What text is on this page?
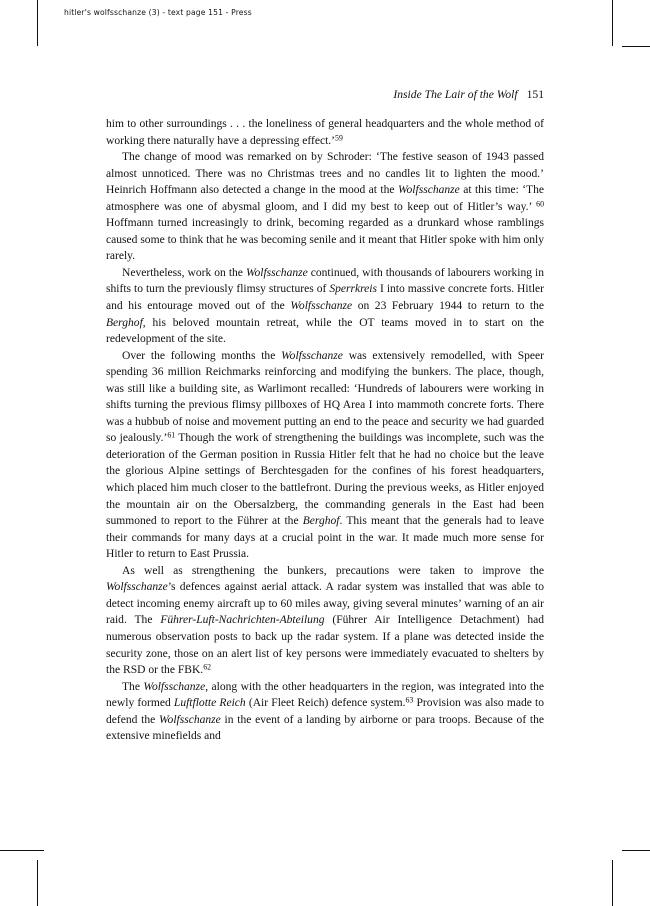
hitler's wolfsschanze (3) - text page 151 - Press
Inside The Lair of the Wolf 151

him to other surroundings . . . the loneliness of general headquarters and the whole method of working there naturally have a depressing effect.’$^{59}$

The change of mood was remarked on by Schroder: ‘The festive season of 1943 passed almost unnoticed. There was no Christmas trees and no candles lit to lighten the mood.’ Heinrich Hoffmann also detected a change in the mood at the Wolfsschanze at this time: ‘The atmosphere was one of abysmal gloom, and I did my best to keep out of Hitler’s way.’ $^{60}$ Hoffmann turned increasingly to drink, becoming regarded as a drunkard whose ramblings caused some to think that he was becoming senile and it meant that Hitler spoke with him only rarely.

Nevertheless, work on the Wolfsschanze continued, with thousands of labourers working in shifts to turn the previously flimsy structures of Sperrkreis I into massive concrete forts. Hitler and his entourage moved out of the Wolfsschanze on 23 February 1944 to return to the Berghof, his beloved mountain retreat, while the OT teams moved in to start on the redevelopment of the site.

Over the following months the Wolfsschanze was extensively remodelled, with Speer spending 36 million Reichmarks reinforcing and modifying the bunkers. The place, though, was still like a building site, as Warlimont recalled: ‘Hundreds of labourers were working in shifts turning the previous flimsy pillboxes of HQ Area I into mammoth concrete forts. There was a hubbub of noise and movement putting an end to the peace and security we had guarded so jealously.’$^{61}$ Though the work of strengthening the buildings was incomplete, such was the deterioration of the German position in Russia Hitler felt that he had no choice but the leave the glorious Alpine settings of Berchtesgaden for the confines of his forest headquarters, which placed him much closer to the battlefront. During the previous weeks, as Hitler enjoyed the mountain air on the Obersalzberg, the commanding generals in the East had been summoned to report to the Führer at the Berghof. This meant that the generals had to leave their commands for many days at a crucial point in the war. It made much more sense for Hitler to return to East Prussia.

As well as strengthening the bunkers, precautions were taken to improve the Wolfsschanze’s defences against aerial attack. A radar system was installed that was able to detect incoming enemy aircraft up to 60 miles away, giving several minutes’ warning of an air raid. The Führer-Luft-Nachrichten-Abteilung (Führer Air Intelligence Detachment) had numerous observation posts to back up the radar system. If a plane was detected inside the security zone, those on an alert list of key persons were immediately evacuated to shelters by the RSD or the FBK.$^{62}$

The Wolfsschanze, along with the other headquarters in the region, was integrated into the newly formed Luftflotte Reich (Air Fleet Reich) defence system.$^{63}$ Provision was also made to defend the Wolfsschanze in the event of a landing by airborne or para troops. Because of the extensive minefields and
